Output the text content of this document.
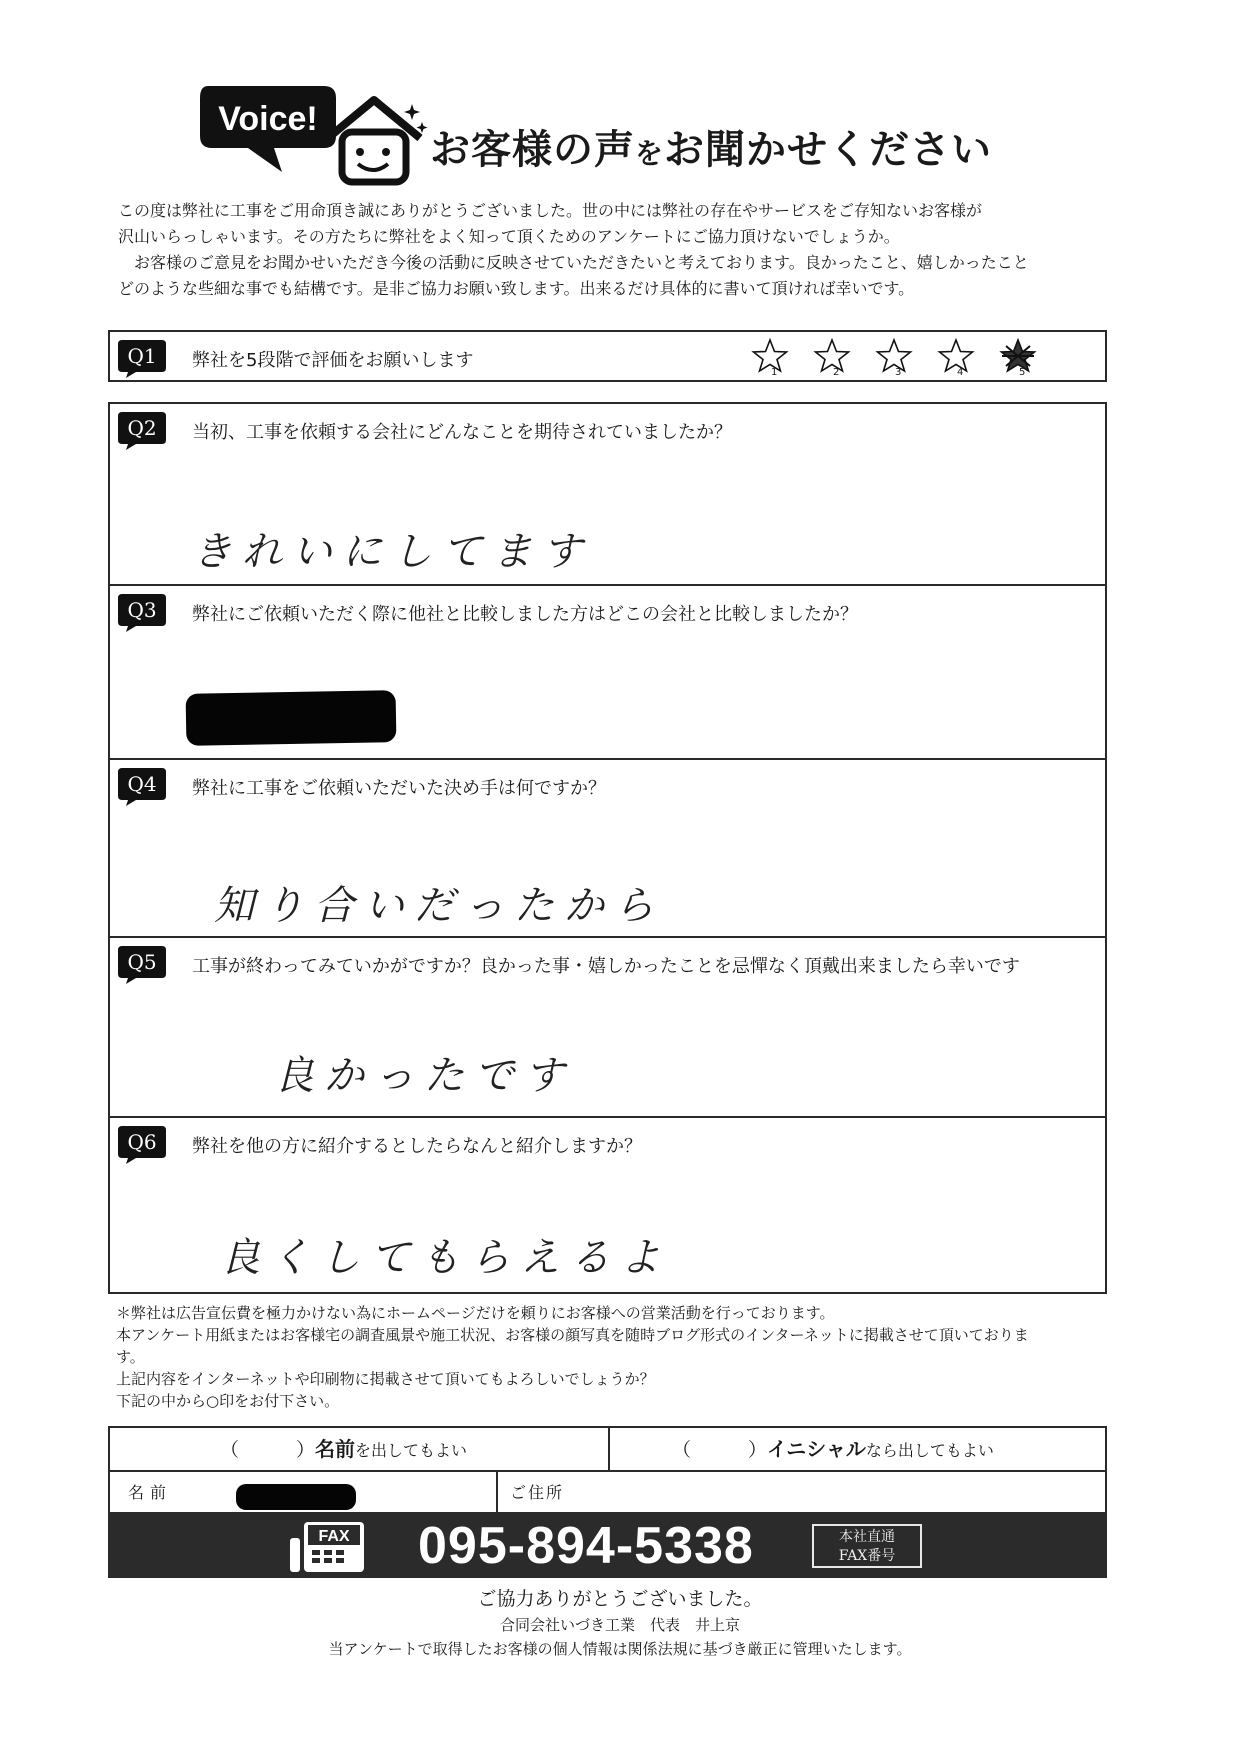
Voice!
お客様の声をお聞かせください

この度は弊社に工事をご用命頂き誠にありがとうございました。世の中には弊社の存在やサービスをご存知ないお客様が

沢山いらっしゃいます。その方たちに弊社をよく知って頂くためのアンケートにご協力頂けないでしょうか。

　お客様のご意見をお聞かせいただき今後の活動に反映させていただきたいと考えております。良かったこと、嬉しかったこと

どのような些細な事でも結構です。是非ご協力お願い致します。出来るだけ具体的に書いて頂ければ幸いです。

Q1 弊社を5段階で評価をお願いします
1	2	3	4	5
Q2 当初、工事を依頼する会社にどんなことを期待されていましたか？
きれいにしてます
Q3 弊社にご依頼いただく際に他社と比較しました方はどこの会社と比較しましたか？
Q4 弊社に工事をご依頼いただいた決め手は何ですか？
知り合いだったから
Q5 工事が終わってみていかがですか？良かった事・嬉しかったことを忌憚なく頂戴出来ましたら幸いです
良かったです
Q6 弊社を他の方に紹介するとしたらなんと紹介しますか？
良くしてもらえるよ

＊弊社は広告宣伝費を極力かけない為にホームページだけを頼りにお客様への営業活動を行っております。

本アンケート用紙またはお客様宅の調査風景や施工状況、お客様の顔写真を随時ブログ形式のインターネットに掲載させて頂いておりま

す。

上記内容をインターネットや印刷物に掲載させて頂いてもよろしいでしょうか？

下記の中から○印をお付下さい。

（　　　）名前を出してもよい	（　　　）イニシャルなら出してもよい
名前	ご住所
FAX 095-894-5338	本社直通
FAX番号
ご協力ありがとうございました。
合同会社いづき工業　代表　井上京
当アンケートで取得したお客様の個人情報は関係法規に基づき厳正に管理いたします。
